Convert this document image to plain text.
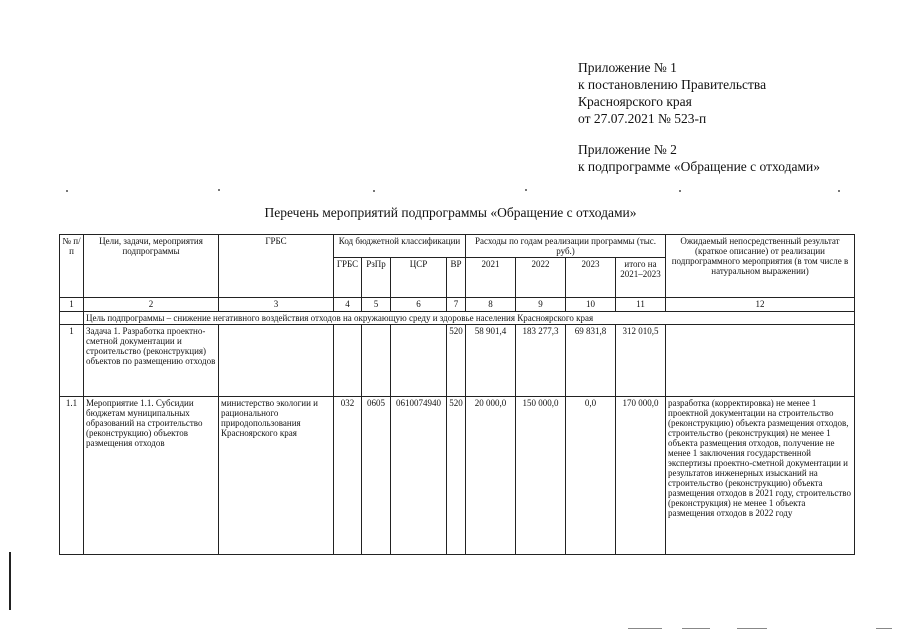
Приложение № 1
к постановлению Правительства
Красноярского края
от 27.07.2021 № 523-п
Приложение № 2
к подпрограмме «Обращение с отходами»
Перечень мероприятий подпрограммы «Обращение с отходами»
№ п/п	Цели, задачи, мероприятия подпрограммы	ГРБС	Код бюджетной классификации				Расходы по годам реализации программы (тыс. руб.)				Ожидаемый непосредственный результат (краткое описание) от реализации подпрограммного мероприятия (в том числе в натуральном выражении)
			ГРБС	РзПр	ЦСР	ВР	2021	2022	2023	итого на 2021–2023	
1	2	3	4	5	6	7	8	9	10	11	12
	Цель подпрограммы – снижение негативного воздействия отходов на окружающую среду и здоровье населения Красноярского края										
1	Задача 1. Разработка проектно-сметной документации и строительство (реконструкция) объектов по размещению отходов					520	58 901,4	183 277,3	69 831,8	312 010,5	
1.1	Мероприятие 1.1. Субсидии бюджетам муниципальных образований на строительство (реконструкцию) объектов размещения отходов	министерство экологии и рационального природопользования Красноярского края	032	0605	0610074940	520	20 000,0	150 000,0	0,0	170 000,0	разработка (корректировка) не менее 1 проектной документации на строительство (реконструкцию) объекта размещения отходов, строительство (реконструкция) не менее 1 объекта размещения отходов, получение не менее 1 заключения государственной экспертизы проектно-сметной документации и результатов инженерных изысканий на строительство (реконструкцию) объекта размещения отходов в 2021 году, строительство (реконструкция) не менее 1 объекта размещения отходов в 2022 году
